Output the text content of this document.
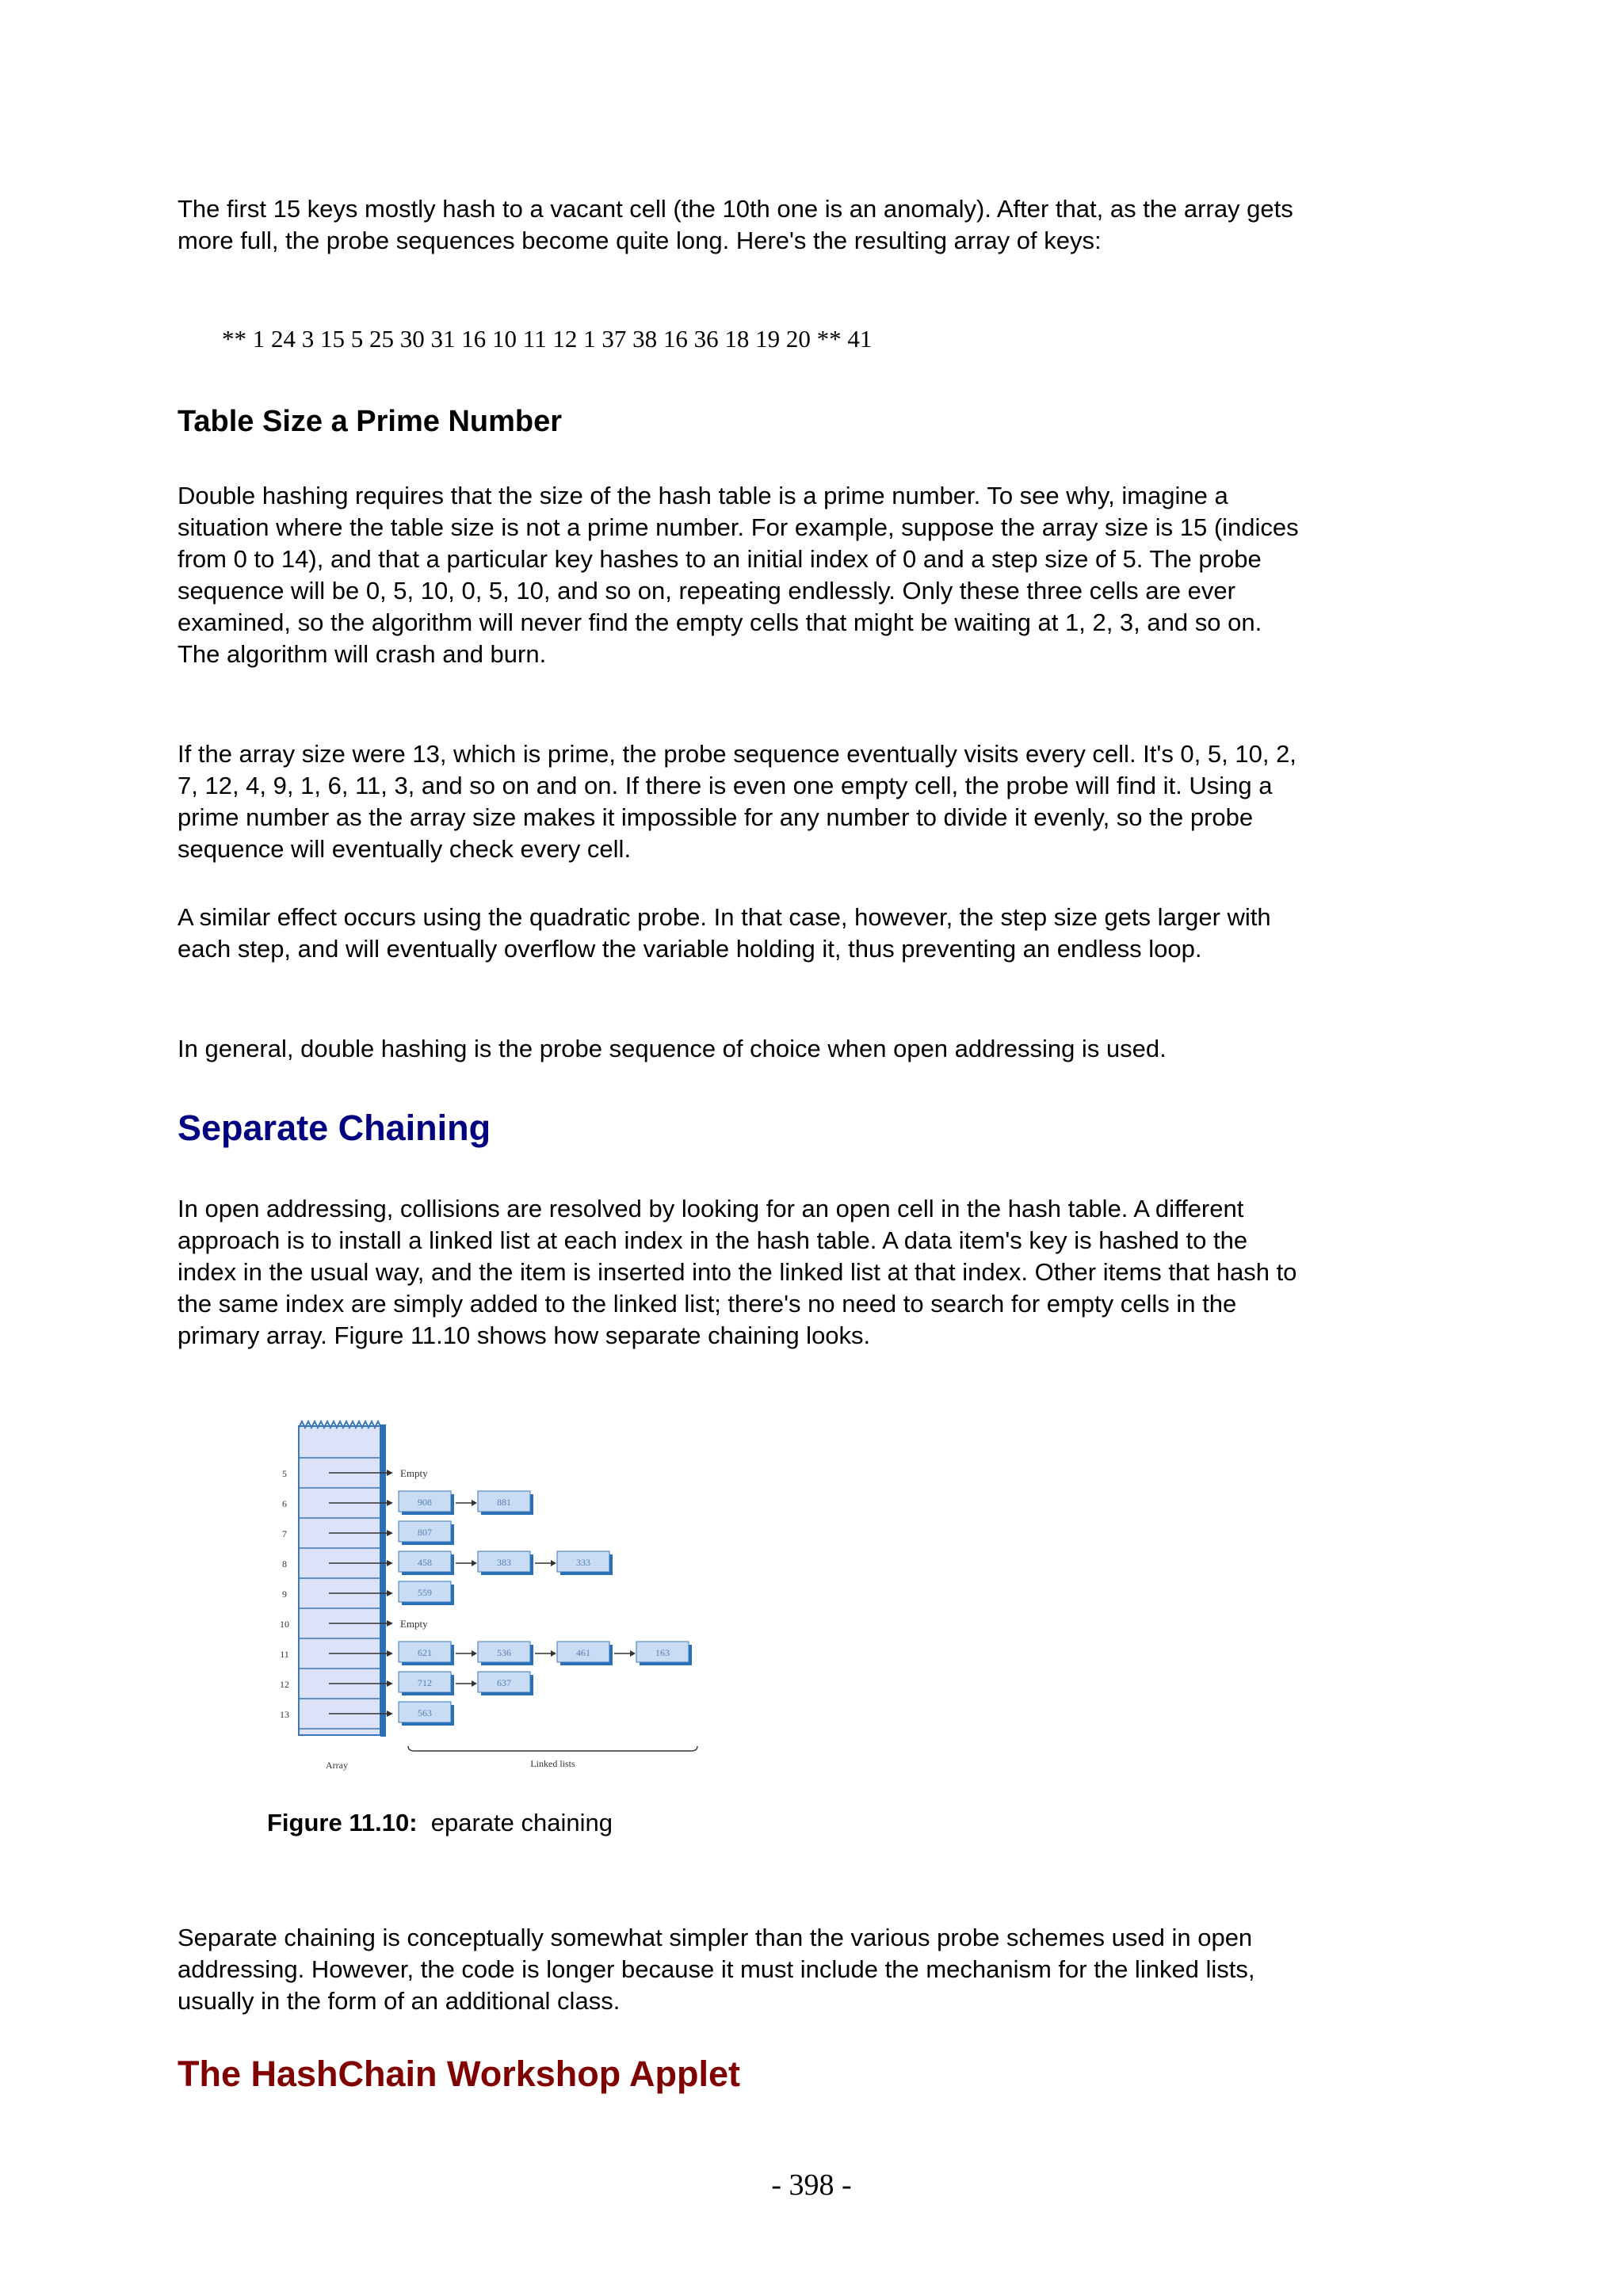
The first 15 keys mostly hash to a vacant cell (the 10th one is an anomaly). After that, as the array gets more full, the probe sequences become quite long. Here's the resulting array of keys:

** 1 24 3 15 5 25 30 31 16 10 11 12 1 37 38 16 36 18 19 20 ** 41

Table Size a Prime Number

Double hashing requires that the size of the hash table is a prime number. To see why, imagine a situation where the table size is not a prime number. For example, suppose the array size is 15 (indices from 0 to 14), and that a particular key hashes to an initial index of 0 and a step size of 5. The probe sequence will be 0, 5, 10, 0, 5, 10, and so on, repeating endlessly. Only these three cells are ever examined, so the algorithm will never find the empty cells that might be waiting at 1, 2, 3, and so on. The algorithm will crash and burn.

If the array size were 13, which is prime, the probe sequence eventually visits every cell. It's 0, 5, 10, 2, 7, 12, 4, 9, 1, 6, 11, 3, and so on and on. If there is even one empty cell, the probe will find it. Using a prime number as the array size makes it impossible for any number to divide it evenly, so the probe sequence will eventually check every cell.

A similar effect occurs using the quadratic probe. In that case, however, the step size gets larger with each step, and will eventually overflow the variable holding it, thus preventing an endless loop.

In general, double hashing is the probe sequence of choice when open addressing is used.

Separate Chaining

In open addressing, collisions are resolved by looking for an open cell in the hash table. A different approach is to install a linked list at each index in the hash table. A data item's key is hashed to the index in the usual way, and the item is inserted into the linked list at that index. Other items that hash to the same index are simply added to the linked list; there's no need to search for empty cells in the primary array. Figure 11.10 shows how separate chaining looks.

5	Empty
6	908	881
7	807
8	458	383	333
9	559
10	Empty
11	621	536	461	163
12	712	637
13	563
Array	Linked lists

Figure 11.10: eparate chaining

Separate chaining is conceptually somewhat simpler than the various probe schemes used in open addressing. However, the code is longer because it must include the mechanism for the linked lists, usually in the form of an additional class.

The HashChain Workshop Applet

- 398 -
